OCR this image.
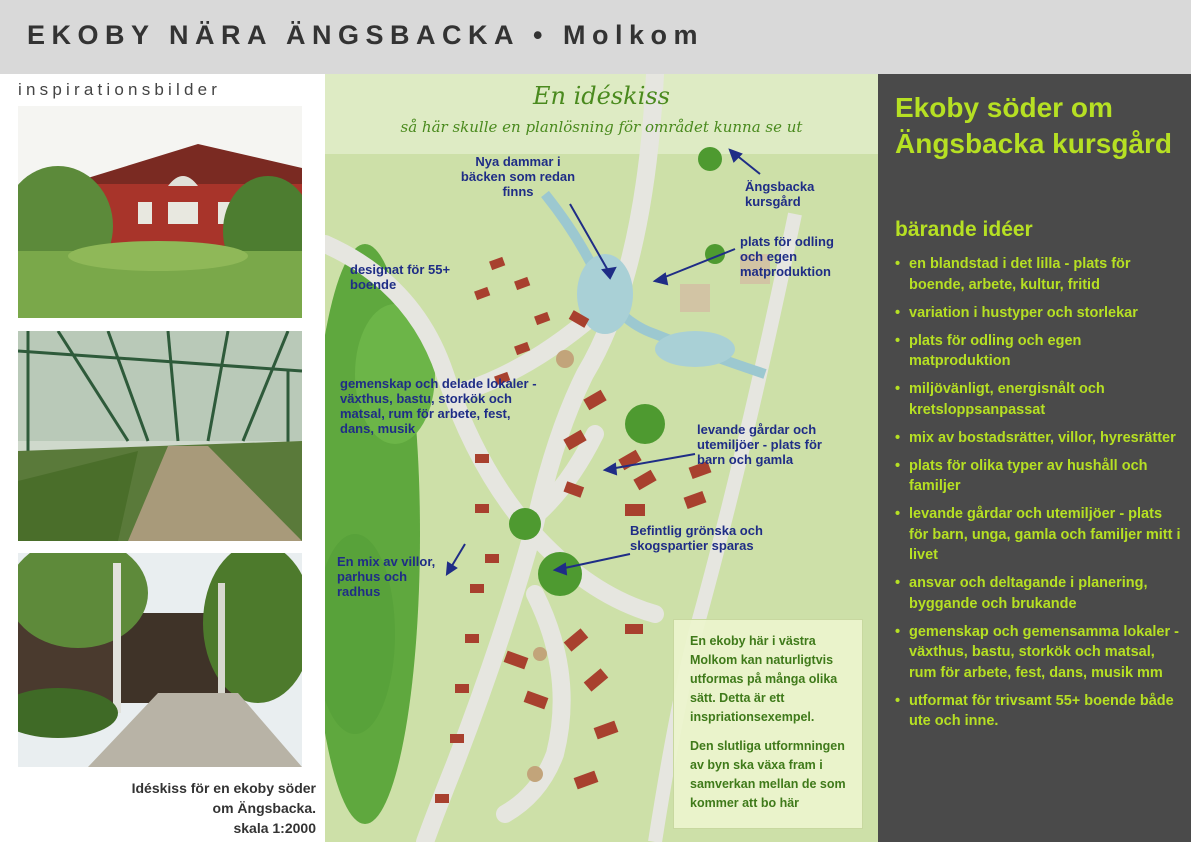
EKOBY NÄRA ÄNGSBACKA • Molkom
inspirationsbilder
Idéskiss för en ekoby söder
om Ängsbacka.
skala 1:2000
En idéskiss
så här skulle en planlösning för området kunna se ut
Nya dammar i bäcken som redan finns	Ängsbacka kursgård
plats för odling och egen matproduktion
designat för 55+ boende
gemenskap och delade lokaler - växthus, bastu, storkök och matsal, rum för arbete, fest, dans, musik	levande gårdar och utemiljöer - plats för barn och gamla
Befintlig grönska och skogspartier sparas
En mix av villor, parhus och radhus

En ekoby här i västra Molkom kan naturligtvis utformas på många olika sätt. Detta är ett inspriationsexempel.

Den slutliga utformningen av byn ska växa fram i samverkan mellan de som kommer att bo här

Ekoby söder om Ängsbacka kursgård
bärande idéer
• en blandstad i det lilla - plats för boende, arbete, kultur, fritid
• variation i hustyper och storlekar
• plats för odling och egen matproduktion
• miljövänligt, energisnålt och kretsloppsanpassat
• mix av bostadsrätter, villor, hyresrätter
• plats för olika typer av hushåll och familjer
• levande gårdar och utemiljöer - plats för barn, unga, gamla och familjer mitt i livet
• ansvar och deltagande i planering, byggande och brukande
• gemenskap och gemensamma lokaler - växthus, bastu, storkök och matsal, rum för arbete, fest, dans, musik mm
• utformat för trivsamt 55+ boende både ute och inne.
